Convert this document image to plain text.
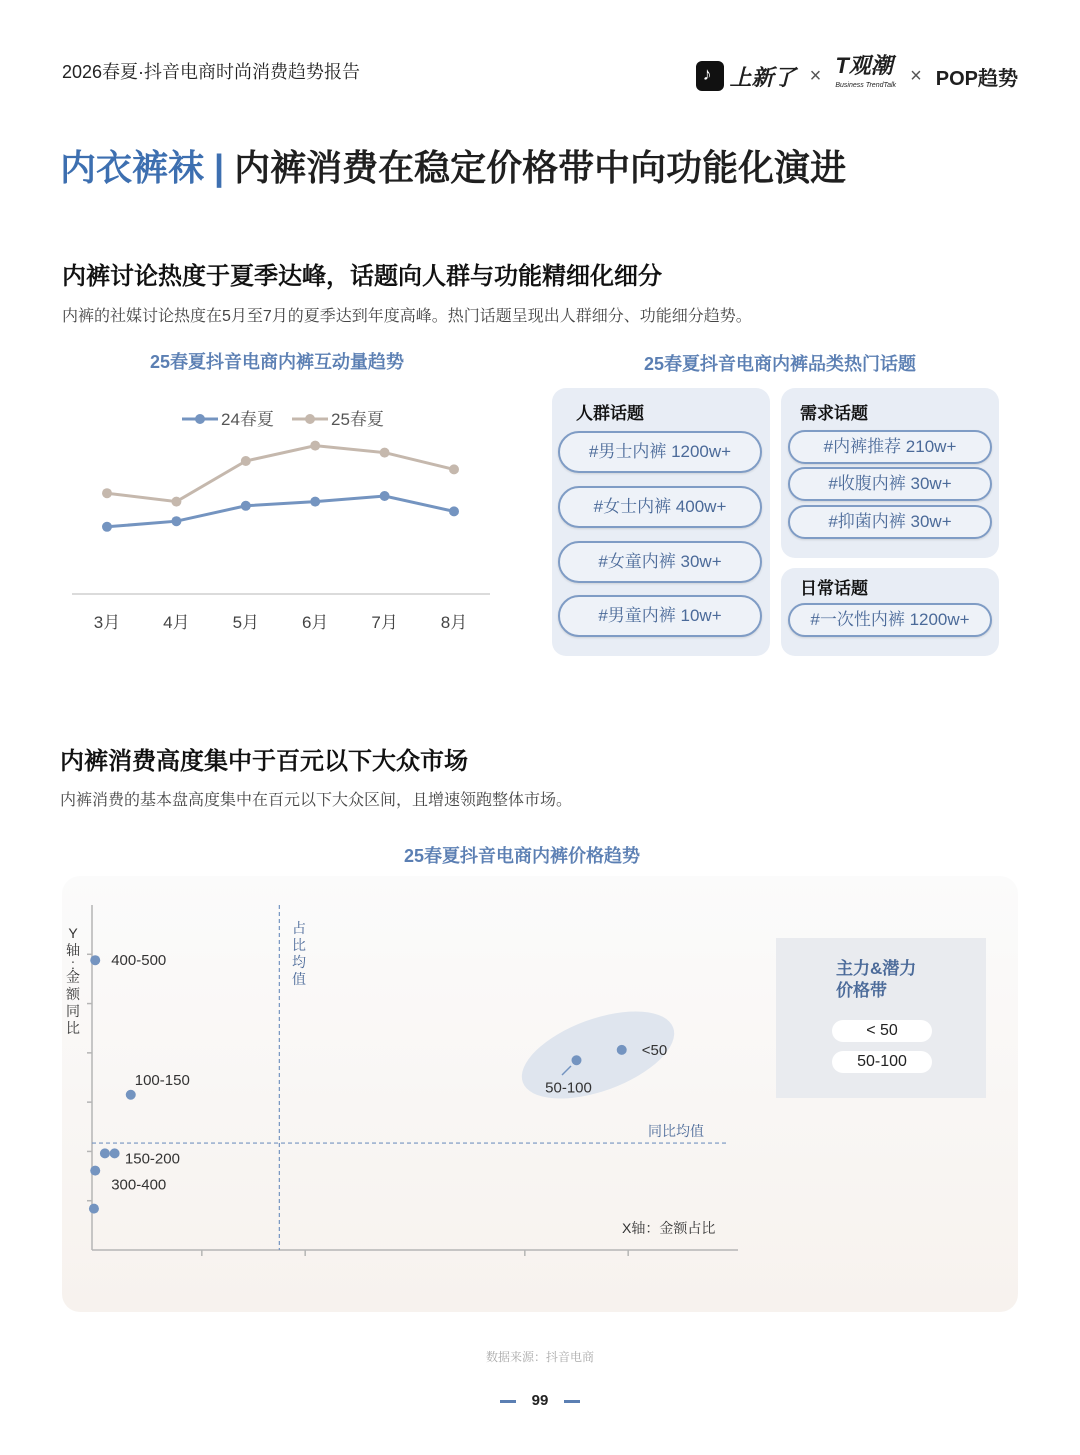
2026春夏·抖音电商时尚消费趋势报告
♪	上新了 × T观潮
Business TrendTalk × POP趋势
内衣裤袜 | 内裤消费在稳定价格带中向功能化演进
内裤讨论热度于夏季达峰，话题向人群与功能精细化细分
内裤的社媒讨论热度在5月至7月的夏季达到年度高峰。热门话题呈现出人群细分、功能细分趋势。
25春夏抖音电商内裤互动量趋势
24春夏	25春夏
3月	4月	5月	6月	7月	8月
25春夏抖音电商内裤品类热门话题
人群话题
#男士内裤 1200w+
#女士内裤 400w+
#女童内裤 30w+
#男童内裤 10w+
需求话题
#内裤推荐 210w+
#收腹内裤 30w+
#抑菌内裤 30w+
日常话题
#一次性内裤 1200w+
内裤消费高度集中于百元以下大众市场
内裤消费的基本盘高度集中在百元以下大众区间，且增速领跑整体市场。
25春夏抖音电商内裤价格趋势
400-500
100-150
150-200
300-400
50-100
<50
Y
轴
:
金
额
同
比
占
比
均
值
同比均值
X轴：金额占比
主力&潜力
价格带
< 50
50-100
数据来源：抖音电商
99
